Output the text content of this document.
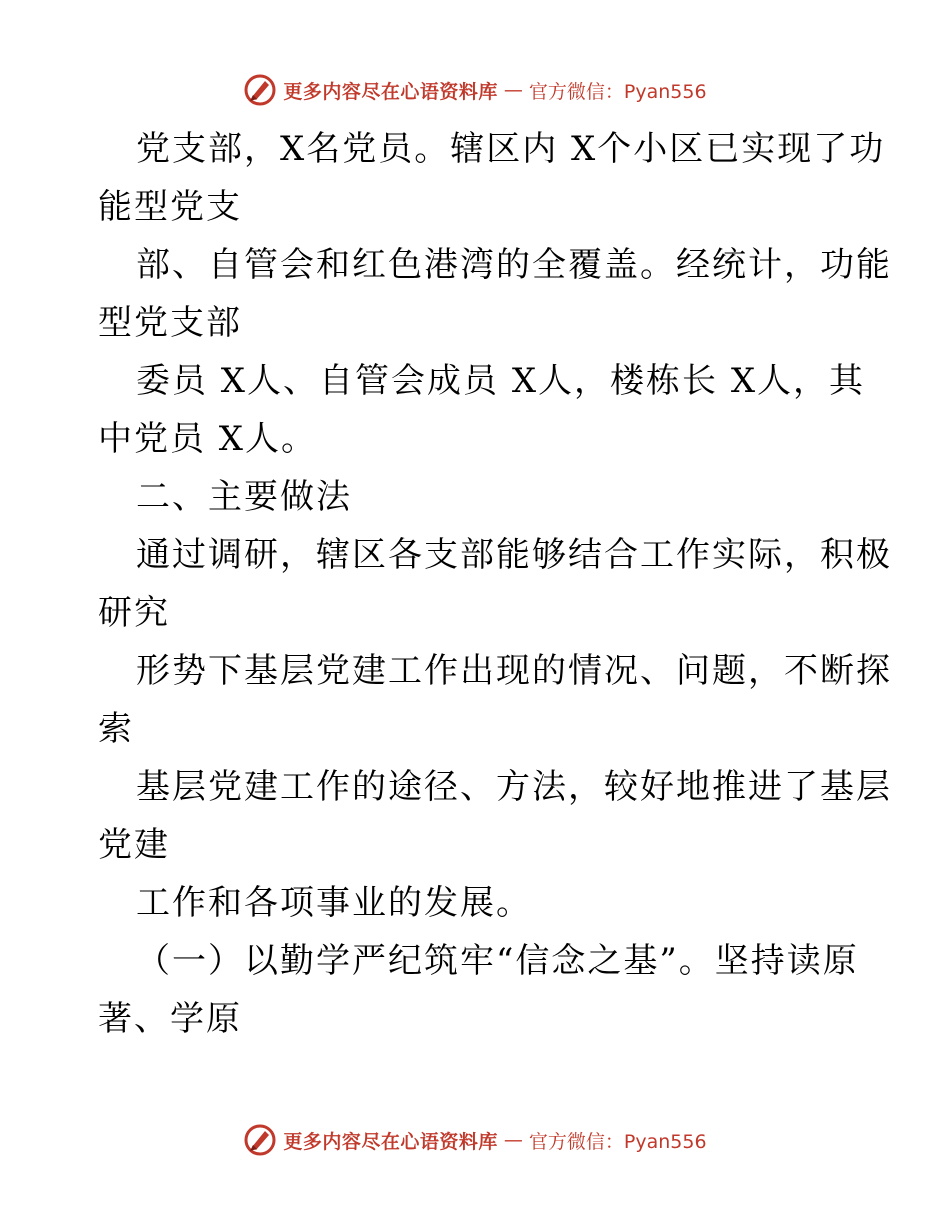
更多内容尽在心语资料库 — 官方微信：Pyan556
党支部，X名党员。辖区内 X个小区已实现了功
能型党支
部、自管会和红色港湾的全覆盖。经统计，功能
型党支部
委员 X人、自管会成员 X人，楼栋长 X人，其
中党员 X人。
二、主要做法
通过调研，辖区各支部能够结合工作实际，积极
研究
形势下基层党建工作出现的情况、问题，不断探
索
基层党建工作的途径、方法，较好地推进了基层
党建
工作和各项事业的发展。
（一）以勤学严纪筑牢“信念之基”。坚持读原
著、学原
更多内容尽在心语资料库 — 官方微信：Pyan556
